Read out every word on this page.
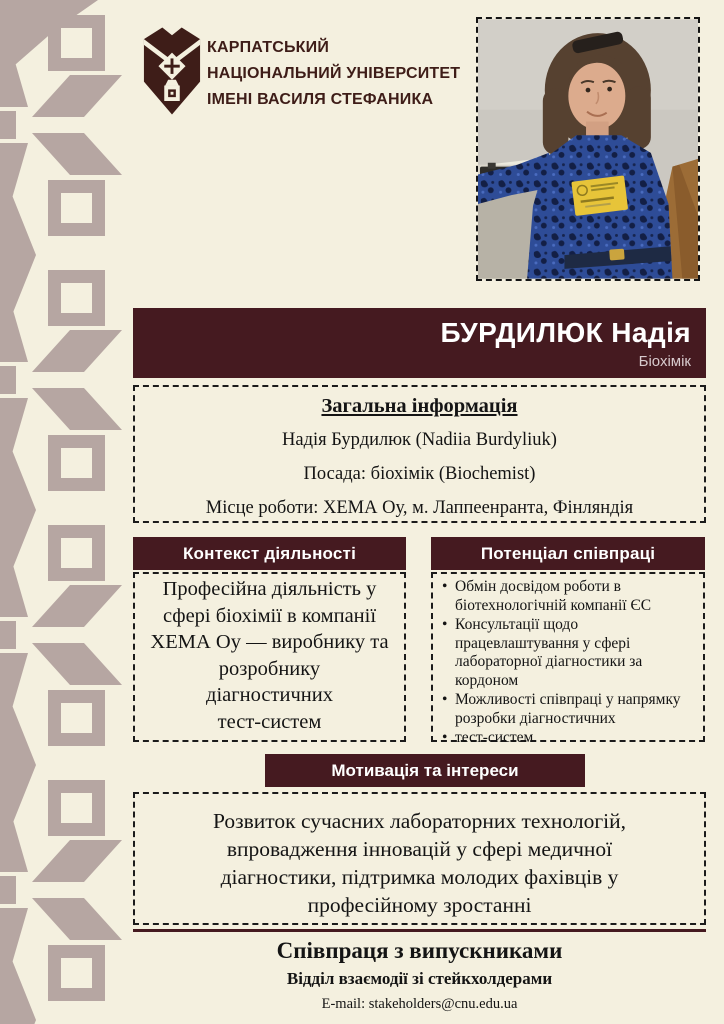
КАРПАТСЬКИЙ
НАЦІОНАЛЬНИЙ УНІВЕРСИТЕТ
ІМЕНІ ВАСИЛЯ СТЕФАНИКА
БУРДИЛЮК Надія
Біохімік
Загальна інформація
Надія Бурдилюк (Nadiia Burdyliuk)
Посада: біохімік (Biochemist)
Місце роботи: ХЕМА Оу, м. Лаппеенранта, Фінляндія
Контекст діяльності
Професійна діяльність у
сфері біохімії в компанії
ХЕМА Оу — виробнику та
розробнику
діагностичних
тест-систем
Потенціал співпраці
• Обмін досвідом роботи в біотехнологічній компанії ЄС
• Консультації щодо працевлаштування у сфері лабораторної діагностики за кордоном
• Можливості співпраці у напрямку розробки діагностичних
• тест-систем
Мотивація та інтереси
Розвиток сучасних лабораторних технологій,
впровадження інновацій у сфері медичної
діагностики, підтримка молодих фахівців у
професійному зростанні
Співпраця з випускниками
Відділ взаємодії зі стейкхолдерами
E-mail: stakeholders@cnu.edu.ua
